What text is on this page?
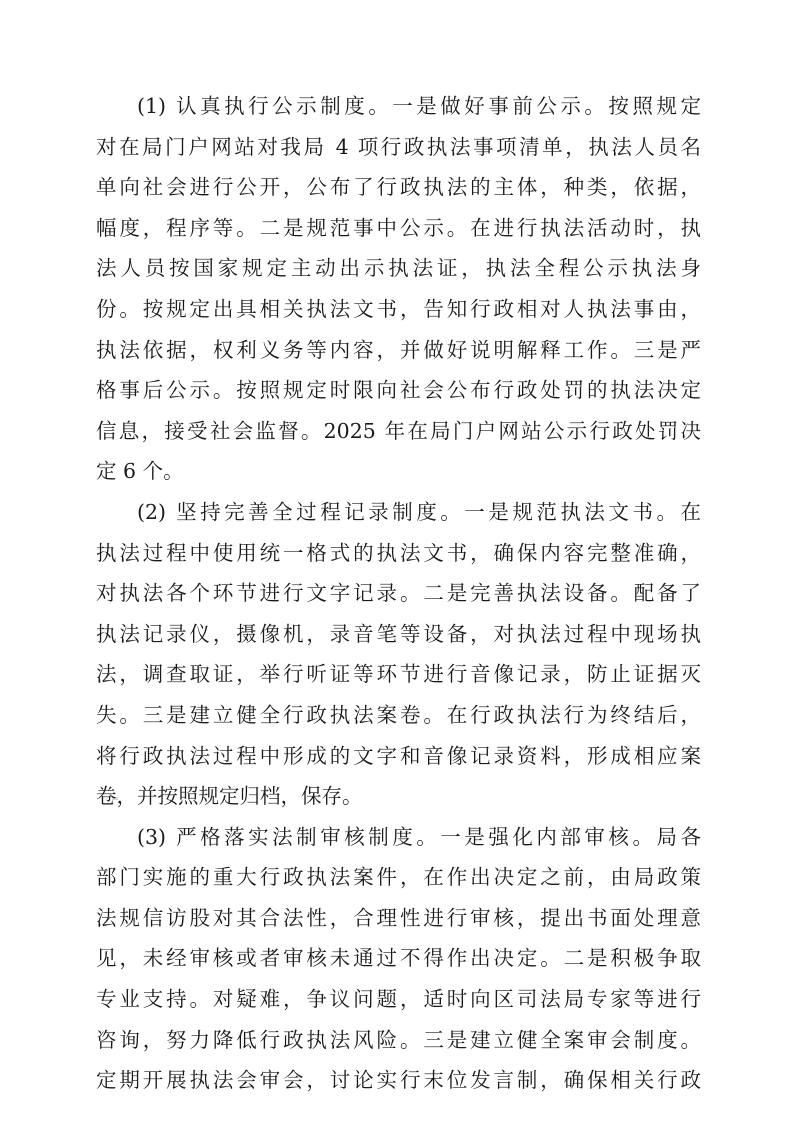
(1) 认真执行公示制度。一是做好事前公示。按照规定
对在局门户网站对我局 4 项行政执法事项清单，执法人员名
单向社会进行公开，公布了行政执法的主体，种类，依据，
幅度，程序等。二是规范事中公示。在进行执法活动时，执
法人员按国家规定主动出示执法证，执法全程公示执法身
份。按规定出具相关执法文书，告知行政相对人执法事由，
执法依据，权利义务等内容，并做好说明解释工作。三是严
格事后公示。按照规定时限向社会公布行政处罚的执法决定
信息，接受社会监督。2025 年在局门户网站公示行政处罚决
定 6 个。
(2) 坚持完善全过程记录制度。一是规范执法文书。在
执法过程中使用统一格式的执法文书，确保内容完整准确，
对执法各个环节进行文字记录。二是完善执法设备。配备了
执法记录仪，摄像机，录音笔等设备，对执法过程中现场执
法，调查取证，举行听证等环节进行音像记录，防止证据灭
失。三是建立健全行政执法案卷。在行政执法行为终结后，
将行政执法过程中形成的文字和音像记录资料，形成相应案
卷，并按照规定归档，保存。
(3) 严格落实法制审核制度。一是强化内部审核。局各
部门实施的重大行政执法案件，在作出决定之前，由局政策
法规信访股对其合法性，合理性进行审核，提出书面处理意
见，未经审核或者审核未通过不得作出决定。二是积极争取
专业支持。对疑难，争议问题，适时向区司法局专家等进行
咨询，努力降低行政执法风险。三是建立健全案审会制度。
定期开展执法会审会，讨论实行末位发言制，确保相关行政
